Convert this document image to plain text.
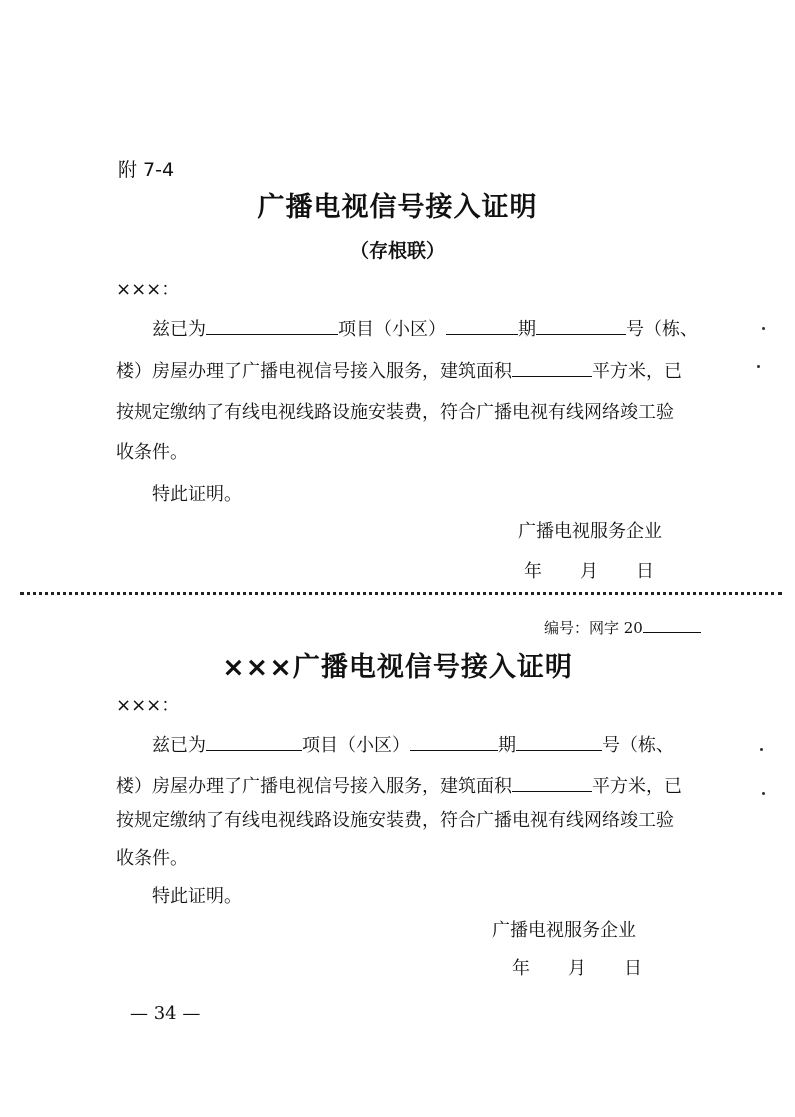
附 7-4
广播电视信号接入证明
（存根联）
×××：
兹已为	项目（小区）	期	号（栋、
楼）房屋办理了广播电视信号接入服务，建筑面积	平方米，已
按规定缴纳了有线电视线路设施安装费，符合广播电视有线网络竣工验
收条件。
特此证明。
广播电视服务企业
年 月 日
编号：网字 20
×××广播电视信号接入证明
×××：
兹已为	项目（小区）	期	号（栋、
楼）房屋办理了广播电视信号接入服务，建筑面积	平方米，已
按规定缴纳了有线电视线路设施安装费，符合广播电视有线网络竣工验
收条件。
特此证明。
广播电视服务企业
年 月 日
— 34 —
